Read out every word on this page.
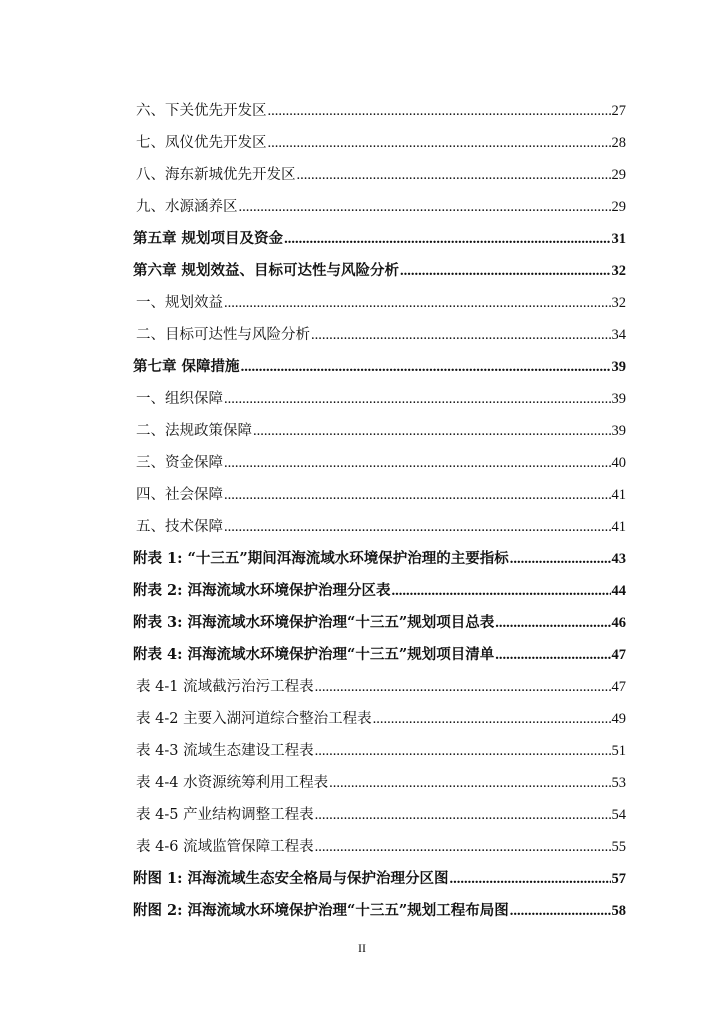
六、下关优先开发区 .....	27
七、凤仪优先开发区 .....	28
八、海东新城优先开发区 .....	29
九、水源涵养区 .....	29
第五章 规划项目及资金 .....	31
第六章 规划效益、目标可达性与风险分析 .....	32
一、规划效益 .....	32
二、目标可达性与风险分析 .....	34
第七章 保障措施 .....	39
一、组织保障 .....	39
二、法规政策保障 .....	39
三、资金保障 .....	40
四、社会保障 .....	41
五、技术保障 .....	41
附表 1: “十三五”期间洱海流域水环境保护治理的主要指标 .....	43
附表 2: 洱海流域水环境保护治理分区表 .....	44
附表 3: 洱海流域水环境保护治理“十三五”规划项目总表 .....	46
附表 4: 洱海流域水环境保护治理“十三五”规划项目清单 .....	47
表 4-1 流域截污治污工程表 .....	47
表 4-2 主要入湖河道综合整治工程表 .....	49
表 4-3 流域生态建设工程表 .....	51
表 4-4 水资源统筹利用工程表 .....	53
表 4-5 产业结构调整工程表 .....	54
表 4-6 流域监管保障工程表 .....	55
附图 1: 洱海流域生态安全格局与保护治理分区图 .....	57
附图 2: 洱海流域水环境保护治理“十三五”规划工程布局图 .....	58
II
